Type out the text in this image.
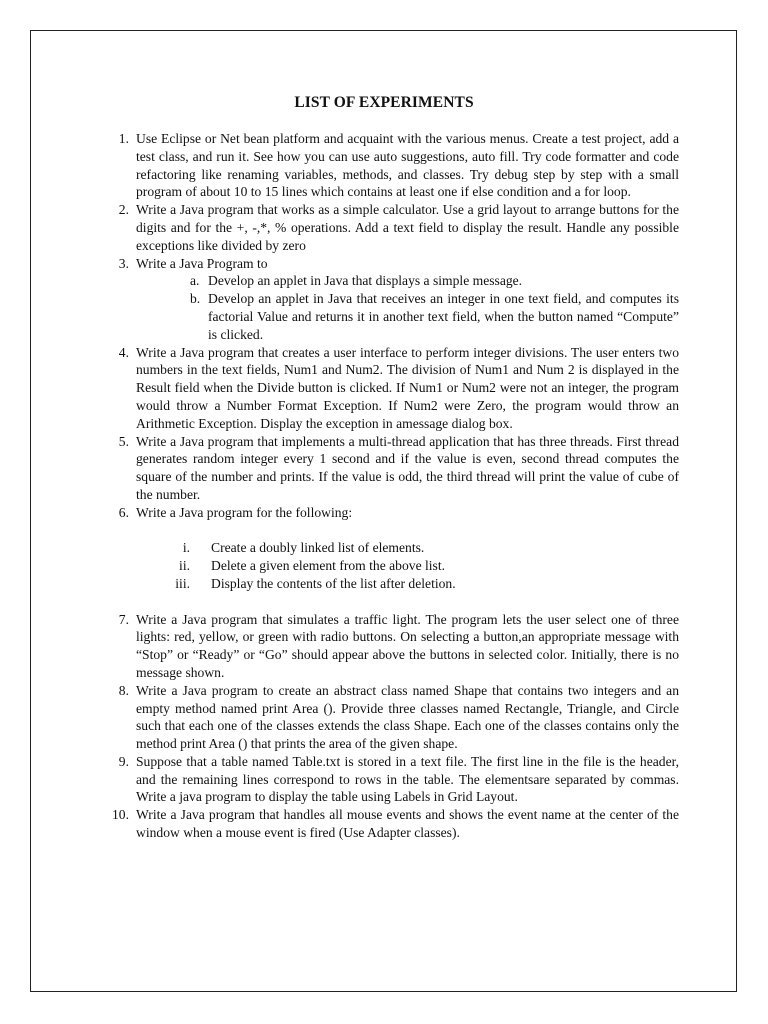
LIST OF EXPERIMENTS
1. Use Eclipse or Net bean platform and acquaint with the various menus. Create a test project, add a test class, and run it. See how you can use auto suggestions, auto fill. Try code formatter and code refactoring like renaming variables, methods, and classes. Try debug step by step with a small program of about 10 to 15 lines which contains at least one if else condition and a for loop.
2. Write a Java program that works as a simple calculator. Use a grid layout to arrange buttons for the digits and for the +, -,*, % operations. Add a text field to display the result. Handle any possible exceptions like divided by zero
3. Write a Java Program to
a. Develop an applet in Java that displays a simple message.
b. Develop an applet in Java that receives an integer in one text field, and computes its factorial Value and returns it in another text field, when the button named “Compute” is clicked.
4. Write a Java program that creates a user interface to perform integer divisions. The user enters two numbers in the text fields, Num1 and Num2. The division of Num1 and Num 2 is displayed in the Result field when the Divide button is clicked. If Num1 or Num2 were not an integer, the program would throw a Number Format Exception. If Num2 were Zero, the program would throw an Arithmetic Exception. Display the exception in amessage dialog box.
5. Write a Java program that implements a multi-thread application that has three threads. First thread generates random integer every 1 second and if the value is even, second thread computes the square of the number and prints. If the value is odd, the third thread will print the value of cube of the number.
6. Write a Java program for the following:
i. Create a doubly linked list of elements.
ii. Delete a given element from the above list.
iii. Display the contents of the list after deletion.
7. Write a Java program that simulates a traffic light. The program lets the user select one of three lights: red, yellow, or green with radio buttons. On selecting a button,an appropriate message with “Stop” or “Ready” or “Go” should appear above the buttons in selected color. Initially, there is no message shown.
8. Write a Java program to create an abstract class named Shape that contains two integers and an empty method named print Area (). Provide three classes named Rectangle, Triangle, and Circle such that each one of the classes extends the class Shape. Each one of the classes contains only the method print Area () that prints the area of the given shape.
9. Suppose that a table named Table.txt is stored in a text file. The first line in the file is the header, and the remaining lines correspond to rows in the table. The elementsare separated by commas. Write a java program to display the table using Labels in Grid Layout.
10. Write a Java program that handles all mouse events and shows the event name at the center of the window when a mouse event is fired (Use Adapter classes).
